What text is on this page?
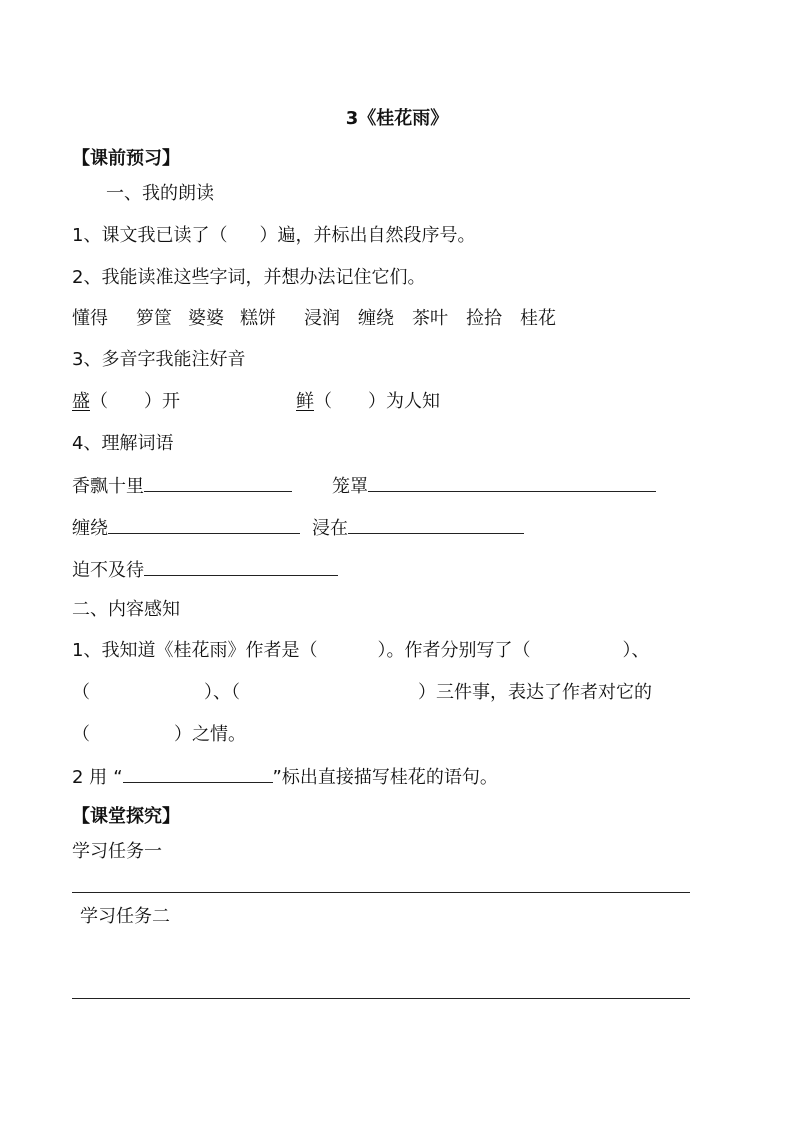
3《桂花雨》
【课前预习】
一、我的朗读
1、课文我已读了（ ）遍，并标出自然段序号。
2、我能读准这些字词，并想办法记住它们。
懂得 箩筐 婆婆 糕饼 浸润 缠绕 茶叶 捡拾 桂花
3、多音字我能注好音
盛（　　）开	鲜（　　）为人知
4、理解词语
香飘十里	笼罩
缠绕	浸在
迫不及待
二、内容感知
1、我知道《桂花雨》作者是（	）。作者分别写了（	）、
（	）、（	）三件事，表达了作者对它的
（	）之情。
2 用 “	”标出直接描写桂花的语句。
【课堂探究】
学习任务一
学习任务二
